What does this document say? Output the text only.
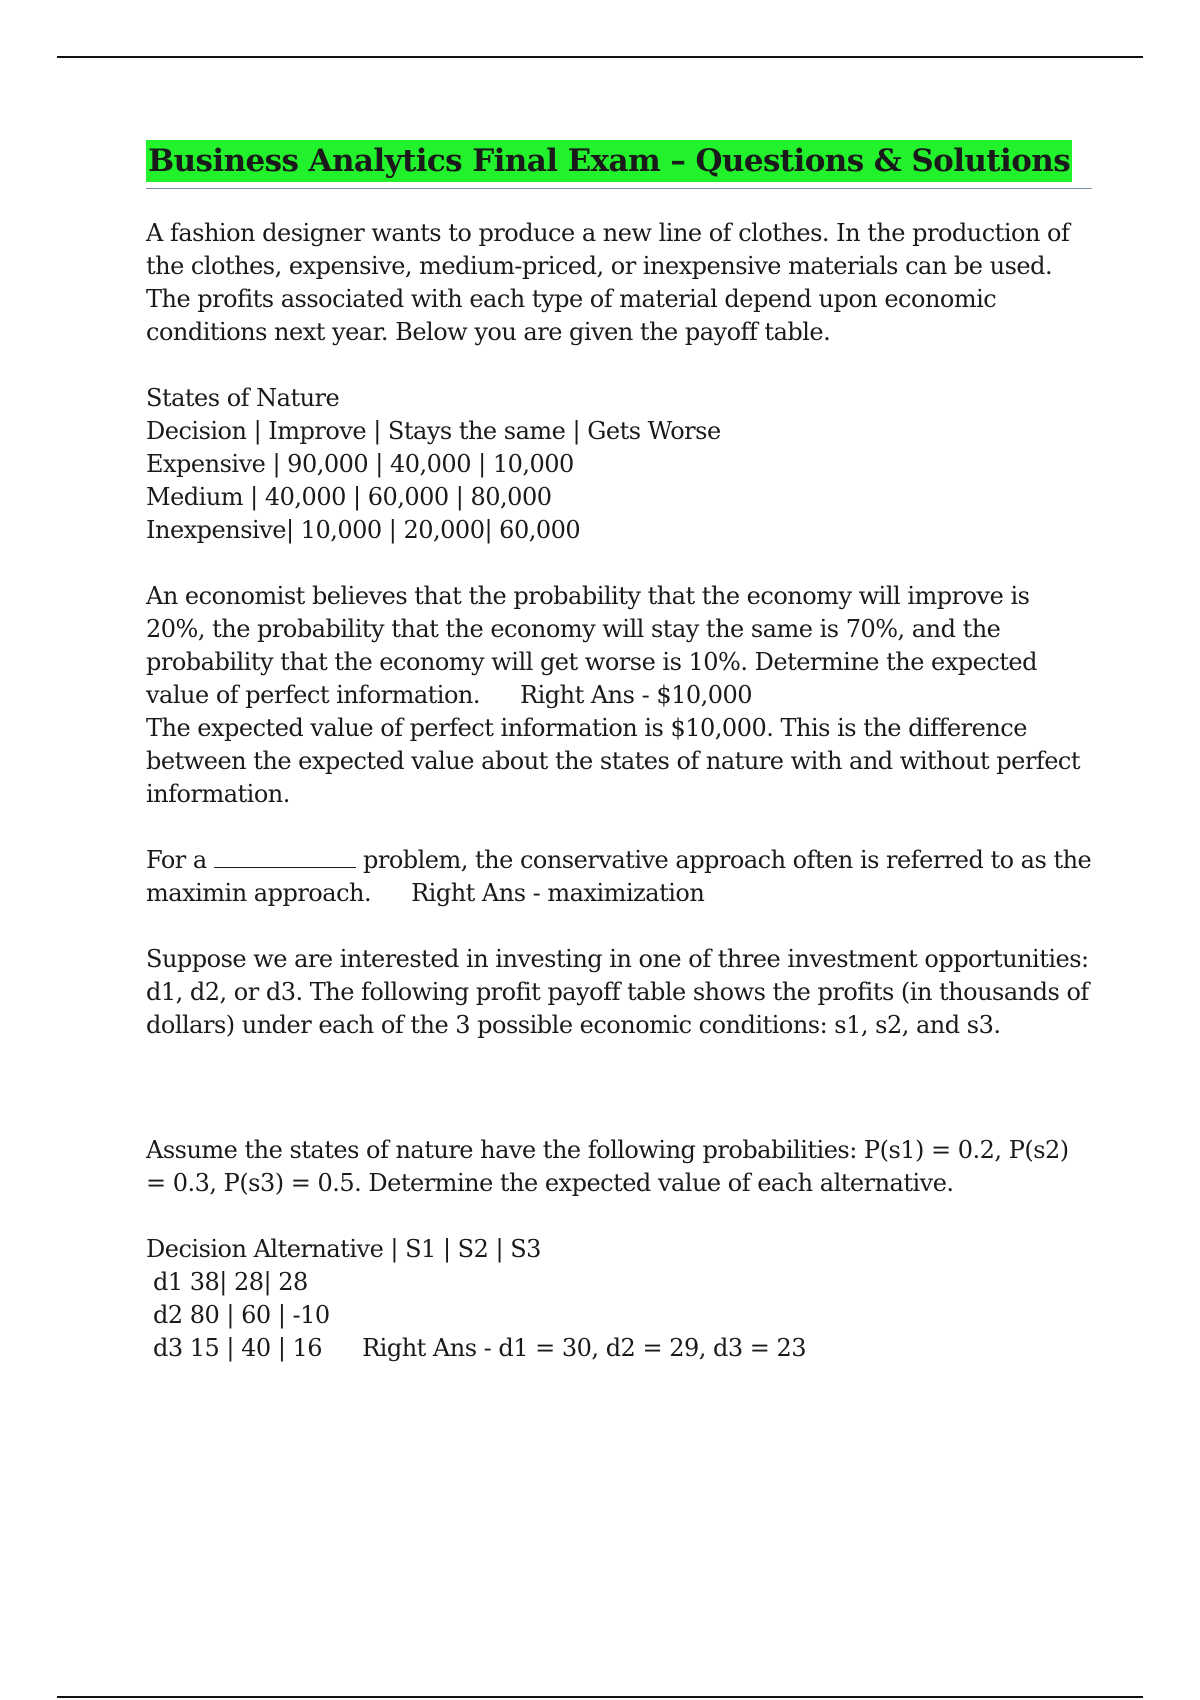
Business Analytics Final Exam – Questions & Solutions

A fashion designer wants to produce a new line of clothes. In the production of the clothes, expensive, medium-priced, or inexpensive materials can be used. The profits associated with each type of material depend upon economic conditions next year. Below you are given the payoff table.

States of Nature

Decision | Improve | Stays the same | Gets Worse

Expensive | 90,000 | 40,000 | 10,000

Medium | 40,000 | 60,000 | 80,000

Inexpensive| 10,000 | 20,000| 60,000

An economist believes that the probability that the economy will improve is 20%, the probability that the economy will stay the same is 70%, and the probability that the economy will get worse is 10%. Determine the expected value of perfect information. Right Ans - $10,000

The expected value of perfect information is $10,000. This is the difference between the expected value about the states of nature with and without perfect information.

For a	problem, the conservative approach often is referred to as the maximin approach. Right Ans - maximization

Suppose we are interested in investing in one of three investment opportunities: d1, d2, or d3. The following profit payoff table shows the profits (in thousands of dollars) under each of the 3 possible economic conditions: s1, s2, and s3.

Assume the states of nature have the following probabilities: P(s1) = 0.2, P(s2) = 0.3, P(s3) = 0.5. Determine the expected value of each alternative.

Decision Alternative | S1 | S2 | S3

d1 38| 28| 28

d2 80 | 60 | -10

d3 15 | 40 | 16 Right Ans - d1 = 30, d2 = 29, d3 = 23
